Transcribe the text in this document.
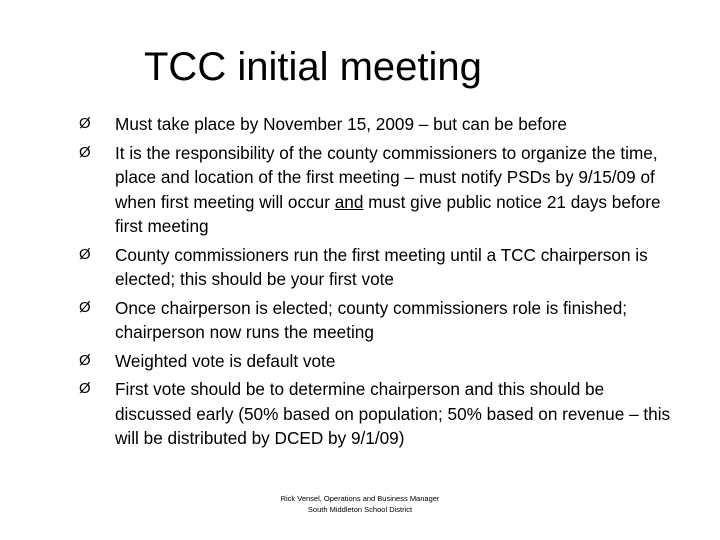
TCC initial meeting
Ø	Must take place by November 15, 2009 – but can be before
Ø	It is the responsibility of the county commissioners to organize the time, place and location of the first meeting – must notify PSDs by 9/15/09 of when first meeting will occur and must give public notice 21 days before first meeting
Ø	County commissioners run the first meeting until a TCC chairperson is elected; this should be your first vote
Ø	Once chairperson is elected; county commissioners role is finished; chairperson now runs the meeting
Ø	Weighted vote is default vote
Ø	First vote should be to determine chairperson and this should be discussed early (50% based on population; 50% based on revenue – this will be distributed by DCED by 9/1/09)
Rick Vensel, Operations and Business Manager
South Middleton School District
